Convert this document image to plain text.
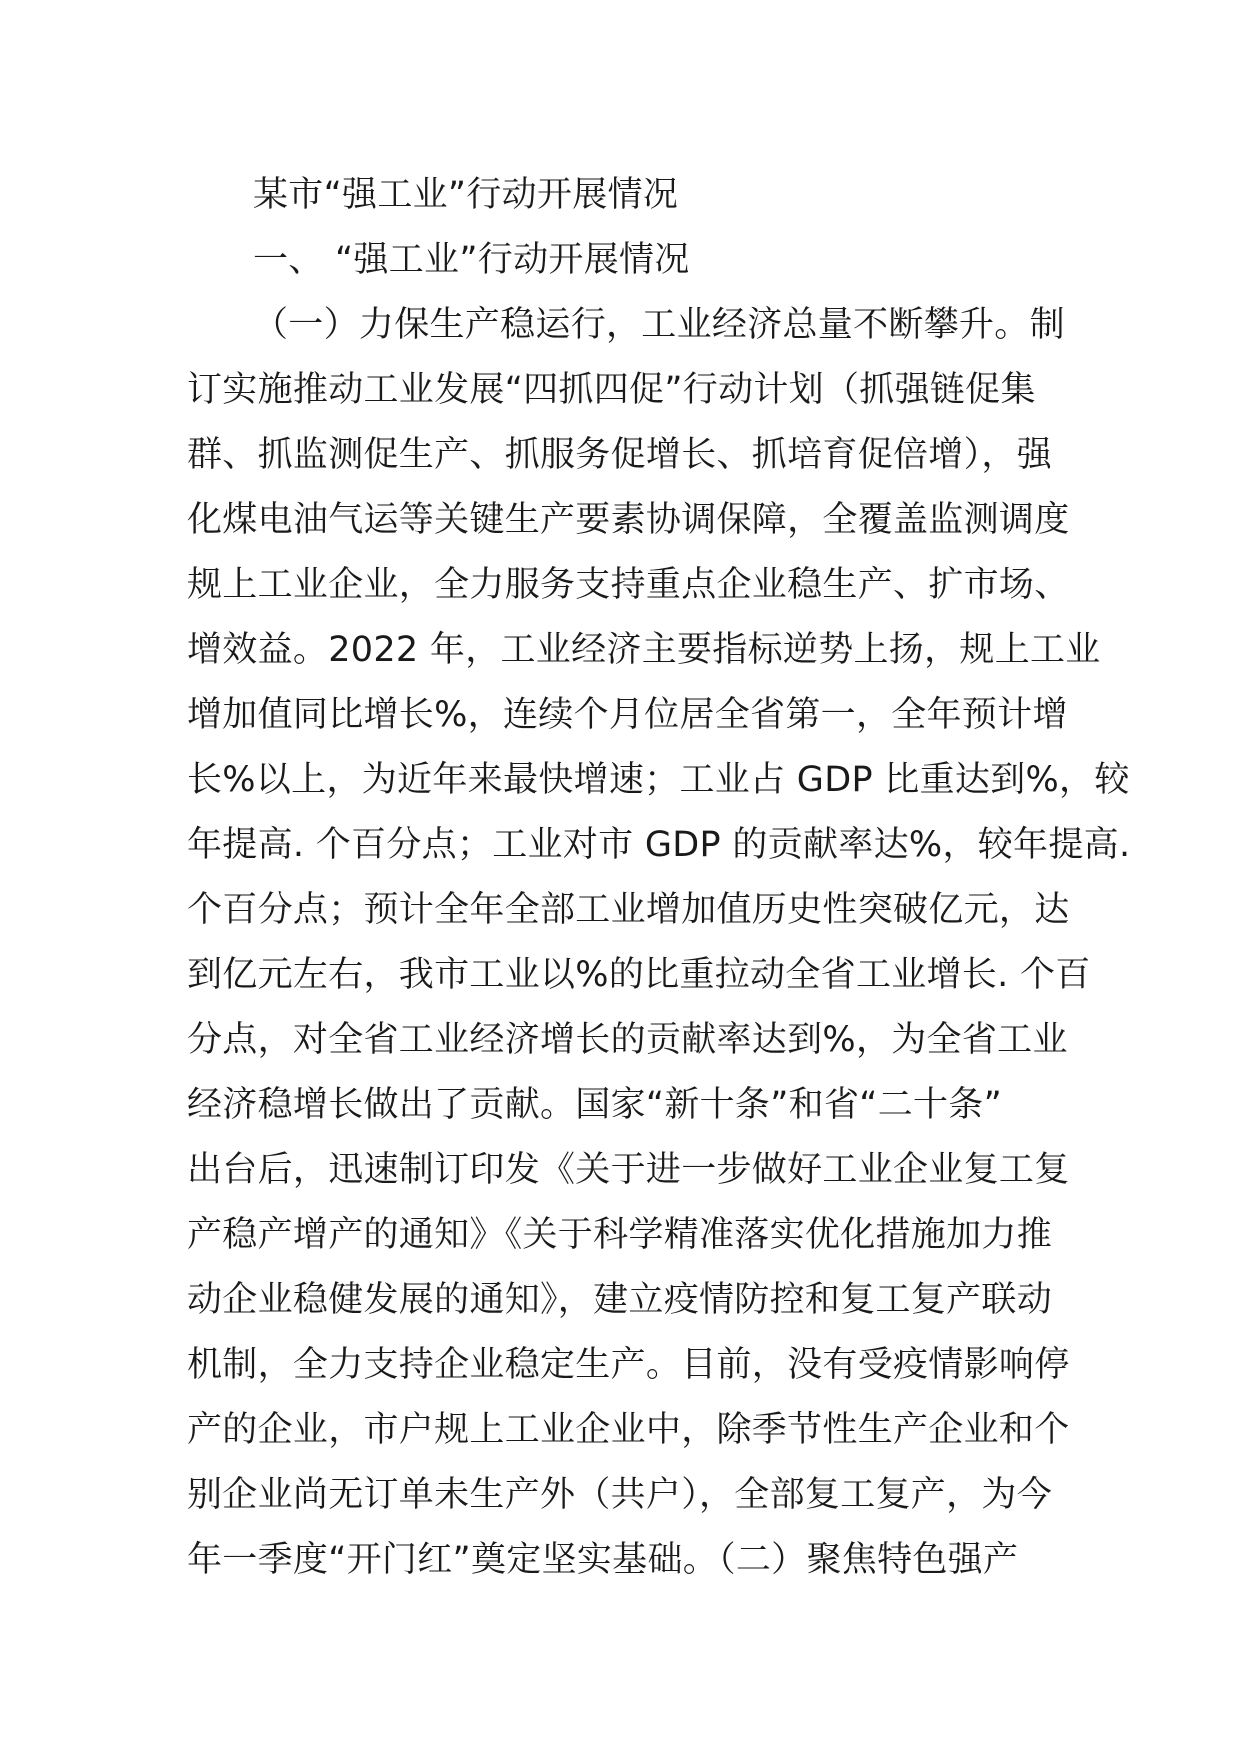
某市“强工业”行动开展情况
一、 “强工业”行动开展情况
（一）力保生产稳运行，工业经济总量不断攀升。制
订实施推动工业发展“四抓四促”行动计划（抓强链促集
群、抓监测促生产、抓服务促增长、抓培育促倍增），强
化煤电油气运等关键生产要素协调保障，全覆盖监测调度
规上工业企业，全力服务支持重点企业稳生产、扩市场、
增效益。2022 年，工业经济主要指标逆势上扬，规上工业
增加值同比增长%，连续个月位居全省第一，全年预计增
长%以上，为近年来最快增速；工业占 GDP 比重达到%，较
年提高. 个百分点；工业对市 GDP 的贡献率达%，较年提高.
个百分点；预计全年全部工业增加值历史性突破亿元，达
到亿元左右，我市工业以%的比重拉动全省工业增长. 个百
分点，对全省工业经济增长的贡献率达到%，为全省工业
经济稳增长做出了贡献。国家“新十条”和省“二十条”
出台后，迅速制订印发《关于进一步做好工业企业复工复
产稳产增产的通知》《关于科学精准落实优化措施加力推
动企业稳健发展的通知》，建立疫情防控和复工复产联动
机制，全力支持企业稳定生产。目前，没有受疫情影响停
产的企业，市户规上工业企业中，除季节性生产企业和个
别企业尚无订单未生产外（共户），全部复工复产，为今
年一季度“开门红”奠定坚实基础。（二）聚焦特色强产
